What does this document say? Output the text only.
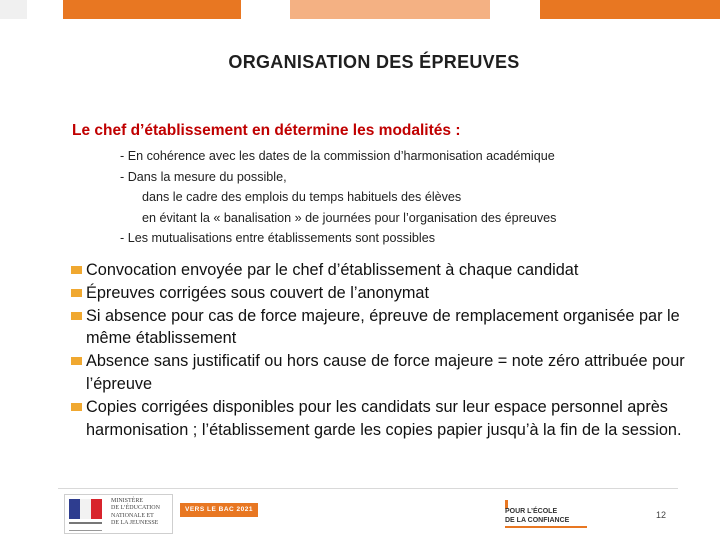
ORGANISATION DES ÉPREUVES
Le chef d’établissement en détermine les modalités :
- En cohérence avec les dates de la commission d’harmonisation académique
- Dans la mesure du possible,
dans le cadre des emplois du temps habituels des élèves
en évitant la « banalisation » de journées pour l’organisation des épreuves
- Les mutualisations entre établissements sont possibles
Convocation envoyée par le chef d’établissement à chaque candidat
Épreuves corrigées sous couvert de l’anonymat
Si absence pour cas de force majeure, épreuve de remplacement organisée par le même établissement
Absence sans justificatif ou hors cause de force majeure = note zéro attribuée pour l’épreuve
Copies corrigées disponibles pour les candidats sur leur espace personnel après harmonisation ; l’établissement garde les copies papier jusqu’à la fin de la session.
MINISTÈRE
DE L’ÉDUCATION
NATIONALE ET
DE LA JEUNESSE
VERS LE BAC 2021	POUR L’ÉCOLE
DE LA CONFIANCE
12
